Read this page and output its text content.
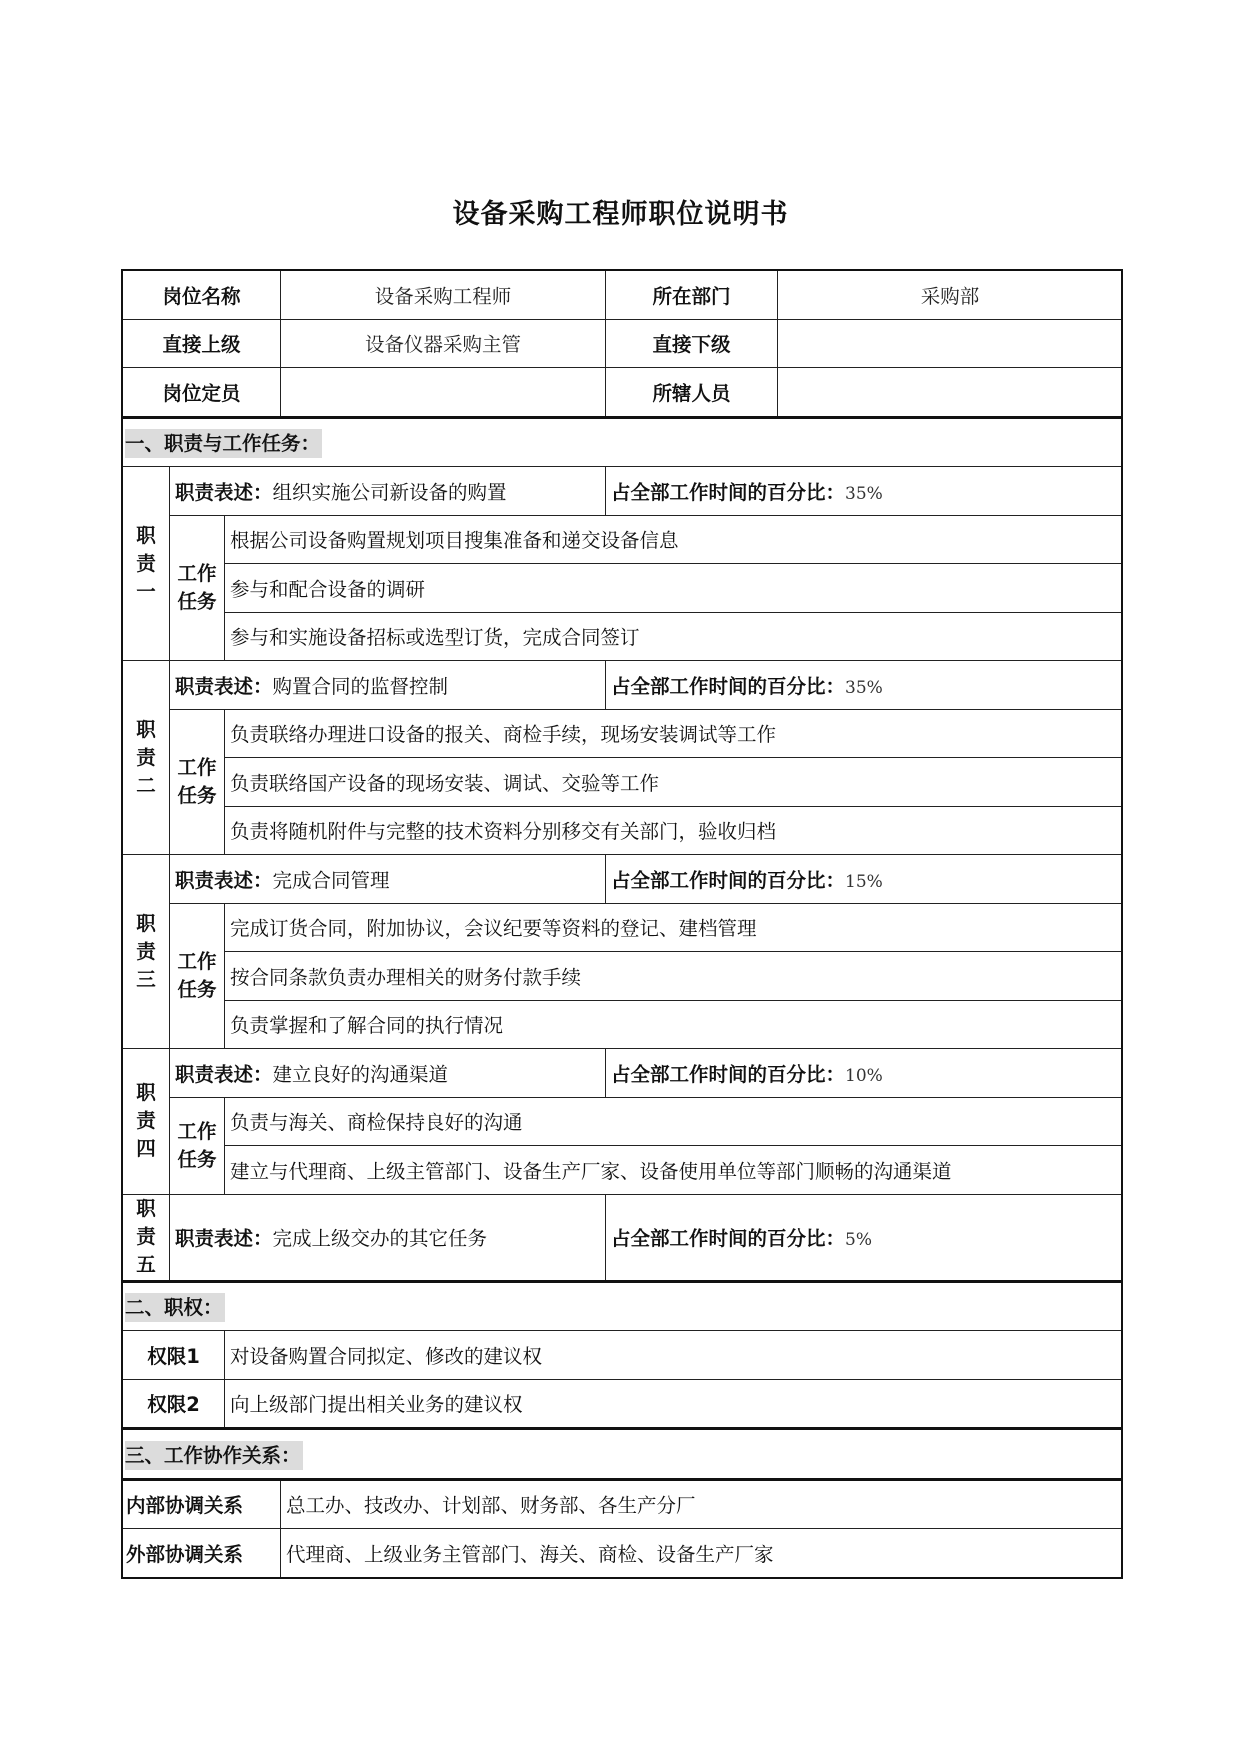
设备采购工程师职位说明书
岗位名称			设备采购工程师	所在部门	采购部
直接上级			设备仪器采购主管	直接下级	
岗位定员				所辖人员	
一、职责与工作任务：					
职
责
一	职责表述：组织实施公司新设备的购置			占全部工作时间的百分比：35%	
	工作
任务	根据公司设备购置规划项目搜集准备和递交设备信息			
		参与和配合设备的调研			
		参与和实施设备招标或选型订货，完成合同签订			
职
责
二	职责表述：购置合同的监督控制			占全部工作时间的百分比：35%	
	工作
任务	负责联络办理进口设备的报关、商检手续，现场安装调试等工作			
		负责联络国产设备的现场安装、调试、交验等工作			
		负责将随机附件与完整的技术资料分别移交有关部门，验收归档			
职
责
三	职责表述：完成合同管理			占全部工作时间的百分比：15%	
	工作
任务	完成订货合同，附加协议，会议纪要等资料的登记、建档管理			
		按合同条款负责办理相关的财务付款手续			
		负责掌握和了解合同的执行情况			
职
责
四	职责表述：建立良好的沟通渠道			占全部工作时间的百分比：10%	
	工作
任务	负责与海关、商检保持良好的沟通			
		建立与代理商、上级主管部门、设备生产厂家、设备使用单位等部门顺畅的沟通渠道			
职
责
五	职责表述：完成上级交办的其它任务			占全部工作时间的百分比：5%	
二、职权：					
权限1		对设备购置合同拟定、修改的建议权			
权限2		向上级部门提出相关业务的建议权			
三、工作协作关系：					
内部协调关系			总工办、技改办、计划部、财务部、各生产分厂		
外部协调关系			代理商、上级业务主管部门、海关、商检、设备生产厂家		
